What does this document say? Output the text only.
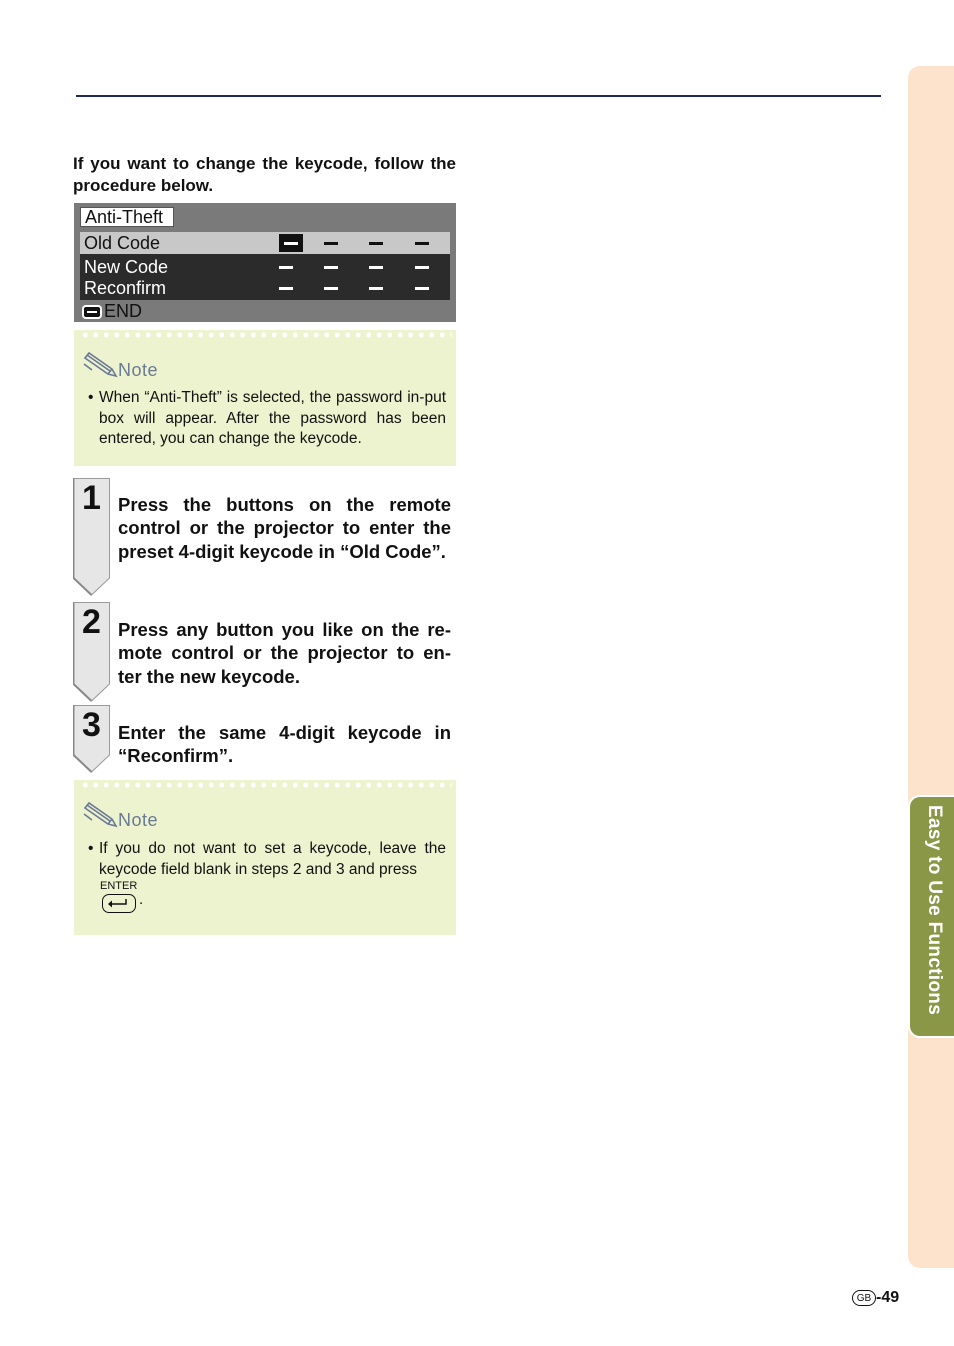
Easy to Use Functions
If you want to change the keycode, follow the procedure below.
Anti-Theft
Old Code
New Code
Reconfirm
END
Note
• When “Anti-Theft” is selected, the password in-put box will appear. After the password has been entered, you can change the keycode.
1 Press the buttons on the remote control or the projector to enter the preset 4-digit keycode in “Old Code”.
2 Press any button you like on the re-mote control or the projector to en-ter the new keycode.
3 Enter the same 4-digit keycode in “Reconfirm”.
Note
• If you do not want to set a keycode, leave the keycode field blank in steps 2 and 3 and press
ENTER
.
GB -49
